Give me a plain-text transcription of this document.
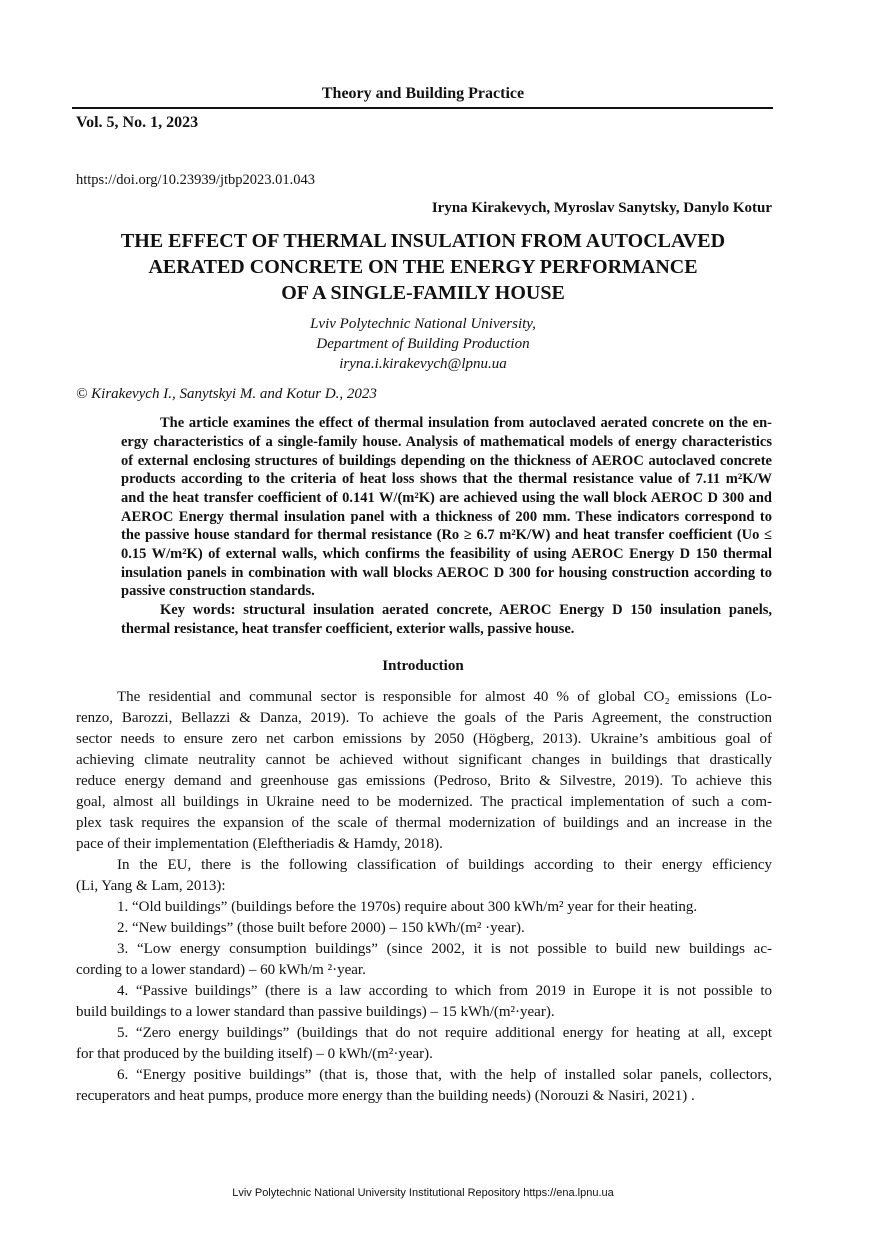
Theory and Building Practice
Vol. 5, No. 1, 2023
https://doi.org/10.23939/jtbp2023.01.043
Iryna Kirakevych, Myroslav Sanytsky, Danylo Kotur
THE EFFECT OF THERMAL INSULATION FROM AUTOCLAVED
AERATED CONCRETE ON THE ENERGY PERFORMANCE
OF A SINGLE-FAMILY HOUSE
Lviv Polytechnic National University,
Department of Building Production
iryna.i.kirakevych@lpnu.ua
© Kirakevych I., Sanytskyi M. and Kotur D., 2023
The article examines the effect of thermal insulation from autoclaved aerated concrete on the en-
ergy characteristics of a single-family house. Analysis of mathematical models of energy characteristics
of external enclosing structures of buildings depending on the thickness of AEROC autoclaved concrete
products according to the criteria of heat loss shows that the thermal resistance value of 7.11 m²K/W
and the heat transfer coefficient of 0.141 W/(m²K) are achieved using the wall block AEROC D 300 and
AEROC Energy thermal insulation panel with a thickness of 200 mm. These indicators correspond to
the passive house standard for thermal resistance (Ro ≥ 6.7 m²K/W) and heat transfer coefficient (Uo ≤
0.15 W/m²K) of external walls, which confirms the feasibility of using AEROC Energy D 150 thermal
insulation panels in combination with wall blocks AEROC D 300 for housing construction according to
passive construction standards.
Key words: structural insulation aerated concrete, AEROC Energy D 150 insulation panels,
thermal resistance, heat transfer coefficient, exterior walls, passive house.
Introduction
The residential and communal sector is responsible for almost 40 % of global CO₂ emissions (Lo-
renzo, Barozzi, Bellazzi & Danza, 2019). To achieve the goals of the Paris Agreement, the construction
sector needs to ensure zero net carbon emissions by 2050 (Högberg, 2013). Ukraine’s ambitious goal of
achieving climate neutrality cannot be achieved without significant changes in buildings that drastically
reduce energy demand and greenhouse gas emissions (Pedroso, Brito & Silvestre, 2019). To achieve this
goal, almost all buildings in Ukraine need to be modernized. The practical implementation of such a com-
plex task requires the expansion of the scale of thermal modernization of buildings and an increase in the
pace of their implementation (Eleftheriadis & Hamdy, 2018).
In the EU, there is the following classification of buildings according to their energy efficiency
(Li, Yang & Lam, 2013):
1. “Old buildings” (buildings before the 1970s) require about 300 kWh/m² year for their heating.
2. “New buildings” (those built before 2000) – 150 kWh/(m² ·year).
3. “Low energy consumption buildings” (since 2002, it is not possible to build new buildings ac-
cording to a lower standard) – 60 kWh/m ²·year.
4. “Passive buildings” (there is a law according to which from 2019 in Europe it is not possible to
build buildings to a lower standard than passive buildings) – 15 kWh/(m²·year).
5. “Zero energy buildings” (buildings that do not require additional energy for heating at all, except
for that produced by the building itself) – 0 kWh/(m²·year).
6. “Energy positive buildings” (that is, those that, with the help of installed solar panels, collectors,
recuperators and heat pumps, produce more energy than the building needs) (Norouzi & Nasiri, 2021) .
Lviv Polytechnic National University Institutional Repository https://ena.lpnu.ua
